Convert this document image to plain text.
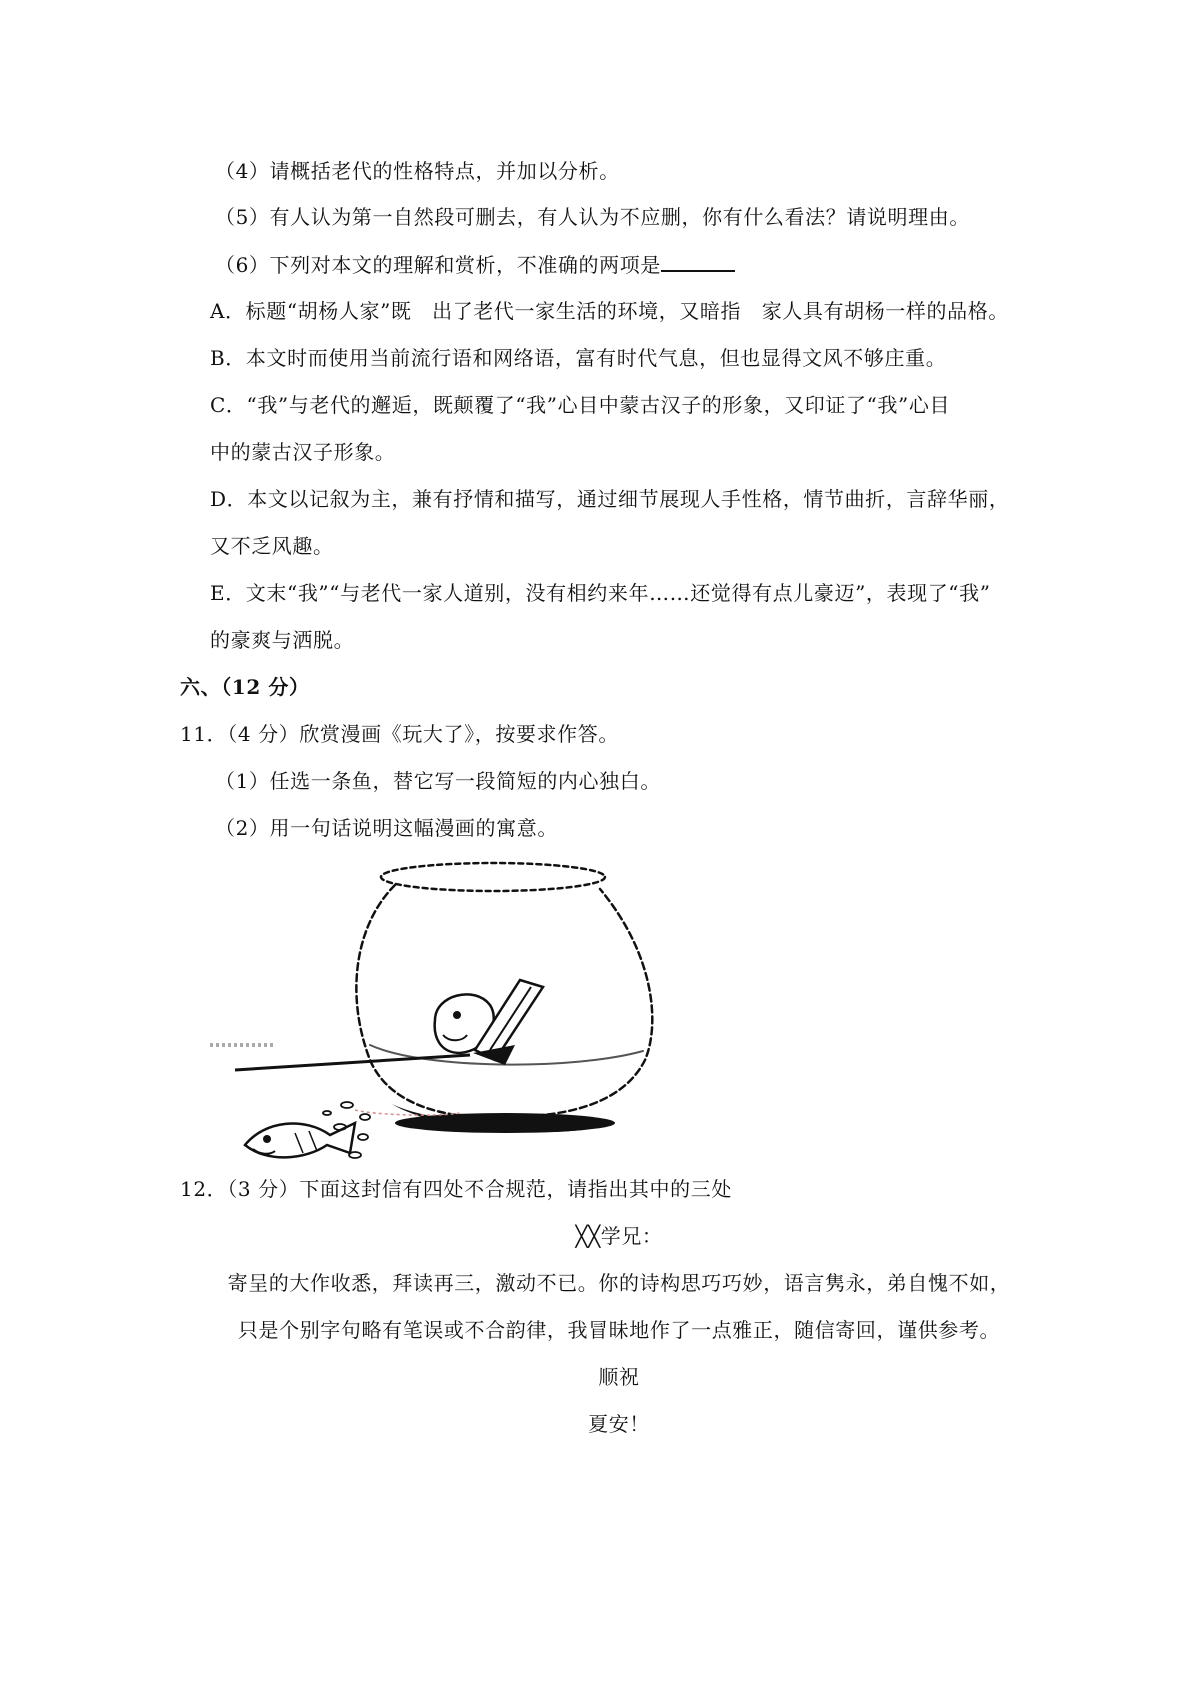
（4）请概括老代的性格特点，并加以分析。
（5）有人认为第一自然段可删去，有人认为不应删，你有什么看法？请说明理由。
（6）下列对本文的理解和赏析，不准确的两项是
A．标题“胡杨人家”既　出了老代一家生活的环境，又暗指　家人具有胡杨一样的品格。
B．本文时而使用当前流行语和网络语，富有时代气息，但也显得文风不够庄重。
C．“我”与老代的邂逅，既颠覆了“我”心目中蒙古汉子的形象，又印证了“我”心目
中的蒙古汉子形象。
D．本文以记叙为主，兼有抒情和描写，通过细节展现人手性格，情节曲折，言辞华丽，
又不乏风趣。
E．文末“我”“与老代一家人道别，没有相约来年……还觉得有点儿豪迈”，表现了“我”
的豪爽与洒脱。
六、（12 分）
11．（4 分）欣赏漫画《玩大了》，按要求作答。
（1）任选一条鱼，替它写一段简短的内心独白。
（2）用一句话说明这幅漫画的寓意。
12．（3 分）下面这封信有四处不合规范，请指出其中的三处
╳╳学兄：
寄呈的大作收悉，拜读再三，激动不已。你的诗构思巧巧妙，语言隽永，弟自愧不如，
只是个别字句略有笔误或不合韵律，我冒昧地作了一点雅正，随信寄回，谨供参考。
顺祝
夏安！
